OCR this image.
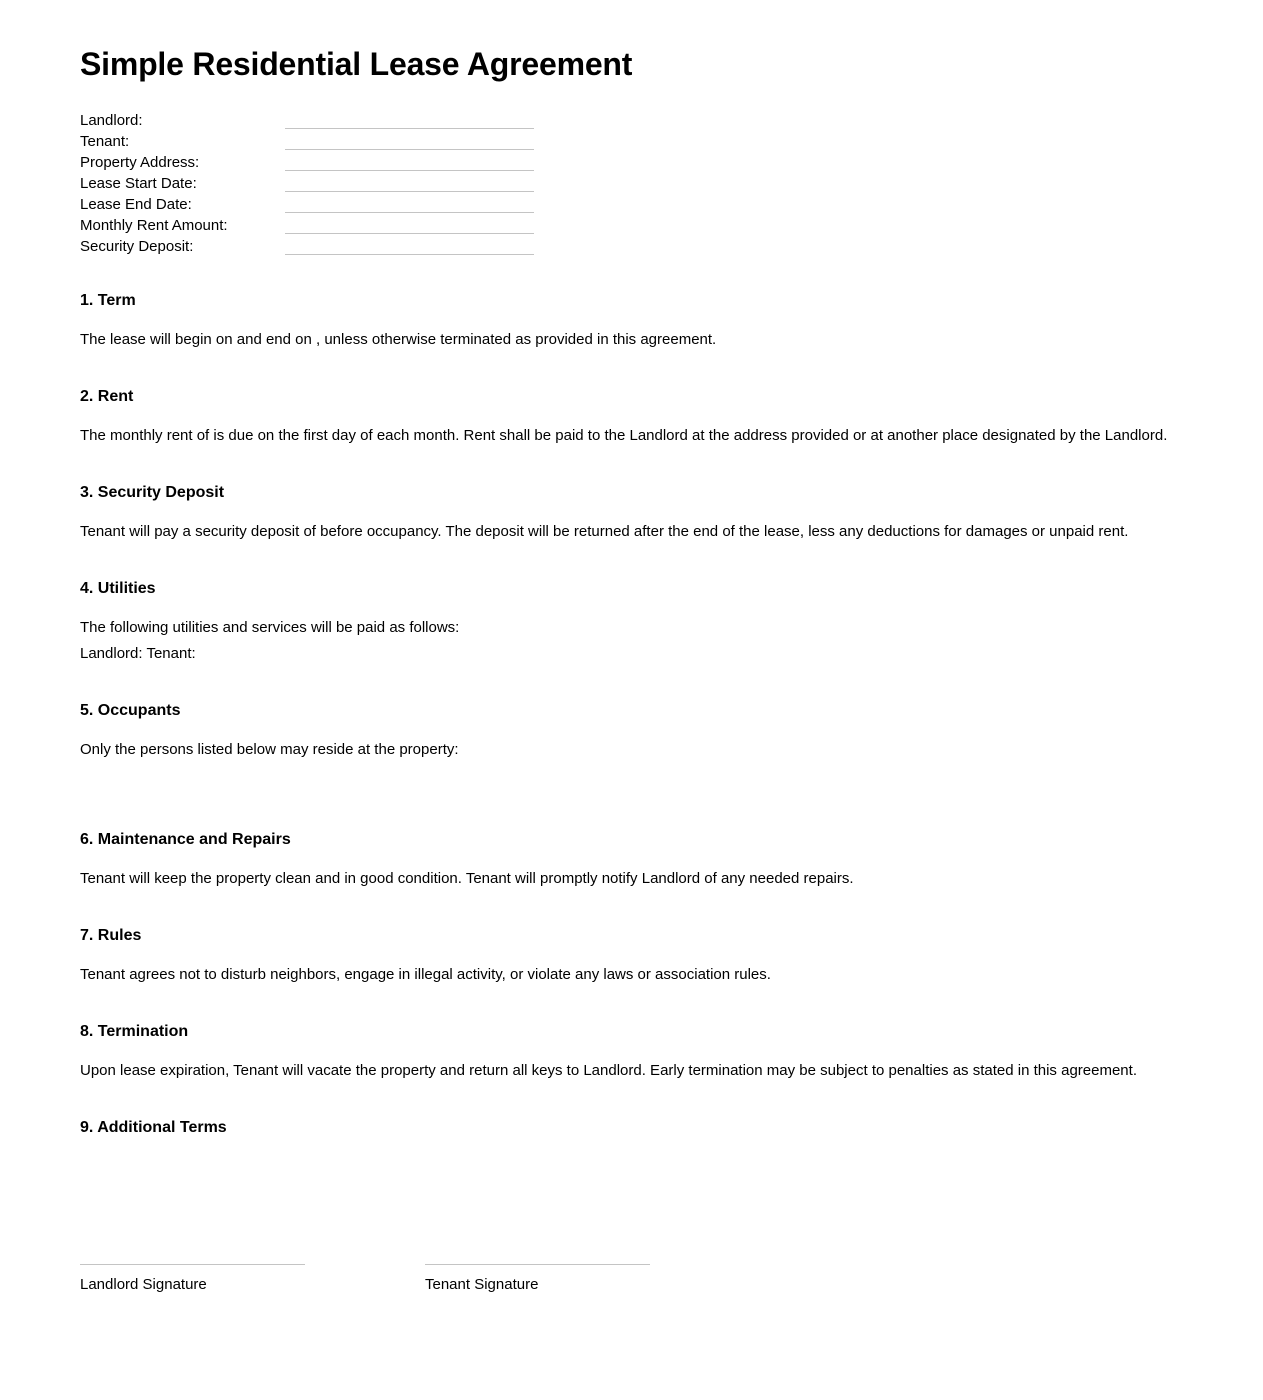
Simple Residential Lease Agreement
Landlord:
Tenant:
Property Address:
Lease Start Date:
Lease End Date:
Monthly Rent Amount:
Security Deposit:
1. Term

The lease will begin on and end on , unless otherwise terminated as provided in this agreement.

2. Rent

The monthly rent of is due on the first day of each month. Rent shall be paid to the Landlord at the address provided or at another place designated by the Landlord.

3. Security Deposit

Tenant will pay a security deposit of before occupancy. The deposit will be returned after the end of the lease, less any deductions for damages or unpaid rent.

4. Utilities

The following utilities and services will be paid as follows:

Landlord: Tenant:

5. Occupants

Only the persons listed below may reside at the property:

6. Maintenance and Repairs

Tenant will keep the property clean and in good condition. Tenant will promptly notify Landlord of any needed repairs.

7. Rules

Tenant agrees not to disturb neighbors, engage in illegal activity, or violate any laws or association rules.

8. Termination

Upon lease expiration, Tenant will vacate the property and return all keys to Landlord. Early termination may be subject to penalties as stated in this agreement.

9. Additional Terms
Landlord Signature	Tenant Signature
